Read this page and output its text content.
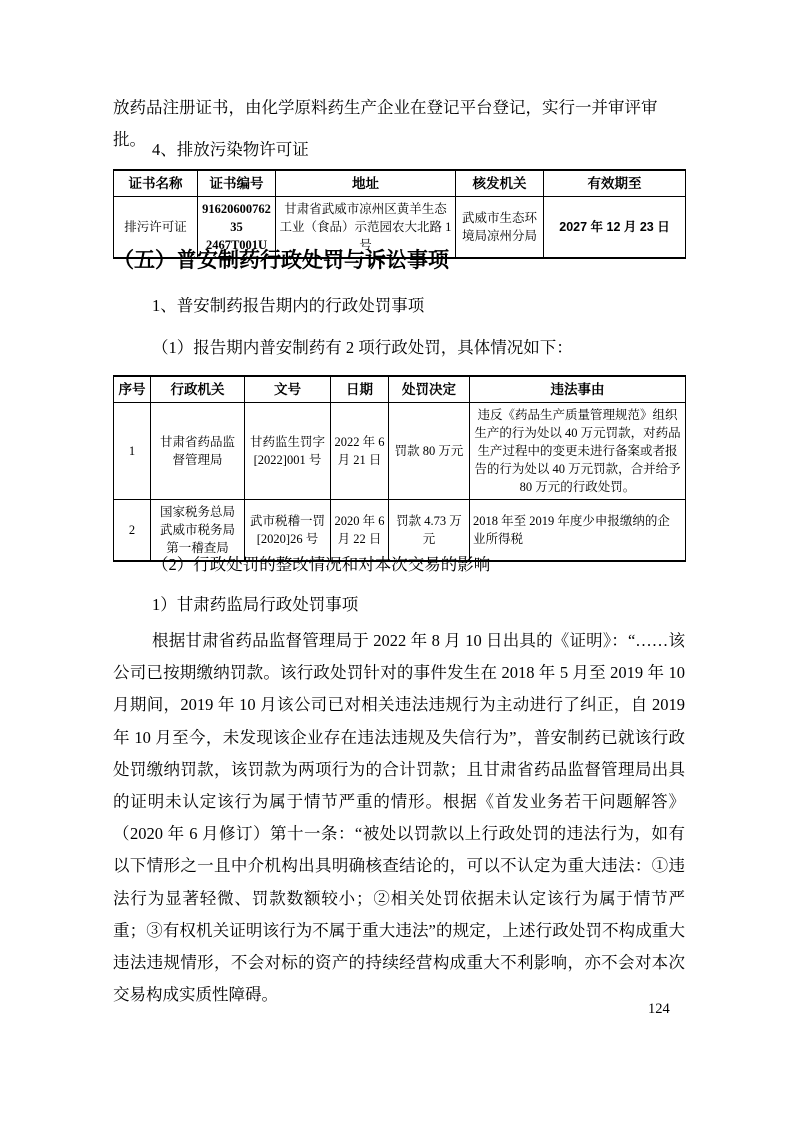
放药品注册证书，由化学原料药生产企业在登记平台登记，实行一并审评审批。

4、排放污染物许可证

证书名称	证书编号	地址	核发机关	有效期至
排污许可证	9162060076235 2467T001U	甘肃省武威市凉州区黄羊生态工业（食品）示范园农大北路 1 号	武威市生态环境局凉州分局	2027 年 12 月 23 日
（五）普安制药行政处罚与诉讼事项

1、普安制药报告期内的行政处罚事项

（1）报告期内普安制药有 2 项行政处罚，具体情况如下：

序号	行政机关	文号	日期	处罚决定	违法事由
1	甘肃省药品监督管理局	甘药监生罚字[2022]001 号	2022 年 6 月 21 日	罚款 80 万元	违反《药品生产质量管理规范》组织生产的行为处以 40 万元罚款，对药品生产过程中的变更未进行备案或者报告的行为处以 40 万元罚款，合并给予 80 万元的行政处罚。
2	国家税务总局武威市税务局第一稽查局	武市税稽一罚[2020]26 号	2020 年 6 月 22 日	罚款 4.73 万元	2018 年至 2019 年度少申报缴纳的企业所得税

（2）行政处罚的整改情况和对本次交易的影响

1）甘肃药监局行政处罚事项

根据甘肃省药品监督管理局于 2022 年 8 月 10 日出具的《证明》：“……该公司已按期缴纳罚款。该行政处罚针对的事件发生在 2018 年 5 月至 2019 年 10 月期间，2019 年 10 月该公司已对相关违法违规行为主动进行了纠正，自 2019 年 10 月至今，未发现该企业存在违法违规及失信行为”，普安制药已就该行政处罚缴纳罚款，该罚款为两项行为的合计罚款；且甘肃省药品监督管理局出具的证明未认定该行为属于情节严重的情形。根据《首发业务若干问题解答》（2020 年 6 月修订）第十一条：“被处以罚款以上行政处罚的违法行为，如有以下情形之一且中介机构出具明确核查结论的，可以不认定为重大违法：①违法行为显著轻微、罚款数额较小；②相关处罚依据未认定该行为属于情节严重；③有权机关证明该行为不属于重大违法”的规定，上述行政处罚不构成重大违法违规情形，不会对标的资产的持续经营构成重大不利影响，亦不会对本次交易构成实质性障碍。

124
